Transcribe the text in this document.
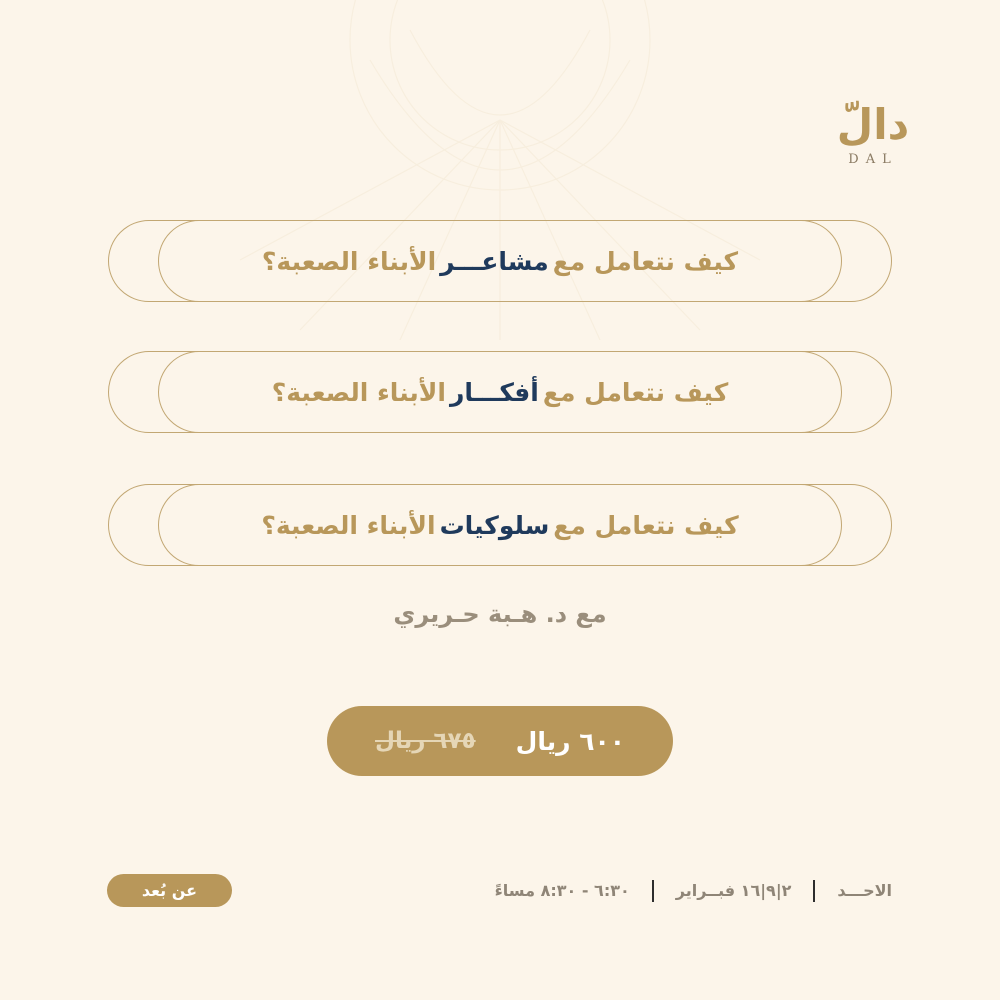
دالّ
DAL
كيف نتعامل مع
مشاعـــر
الأبناء الصعبة؟
كيف نتعامل مع
أفكـــار
الأبناء الصعبة؟
كيف نتعامل مع
سلوكيات
الأبناء الصعبة؟
مع د. هـبة حـريري
٦٠٠ ريال
٦٧٥ ريال
عن بُعد	الاحـــد
٢|٩|١٦ فبــراير
٦:٣٠ - ٨:٣٠ مساءً
